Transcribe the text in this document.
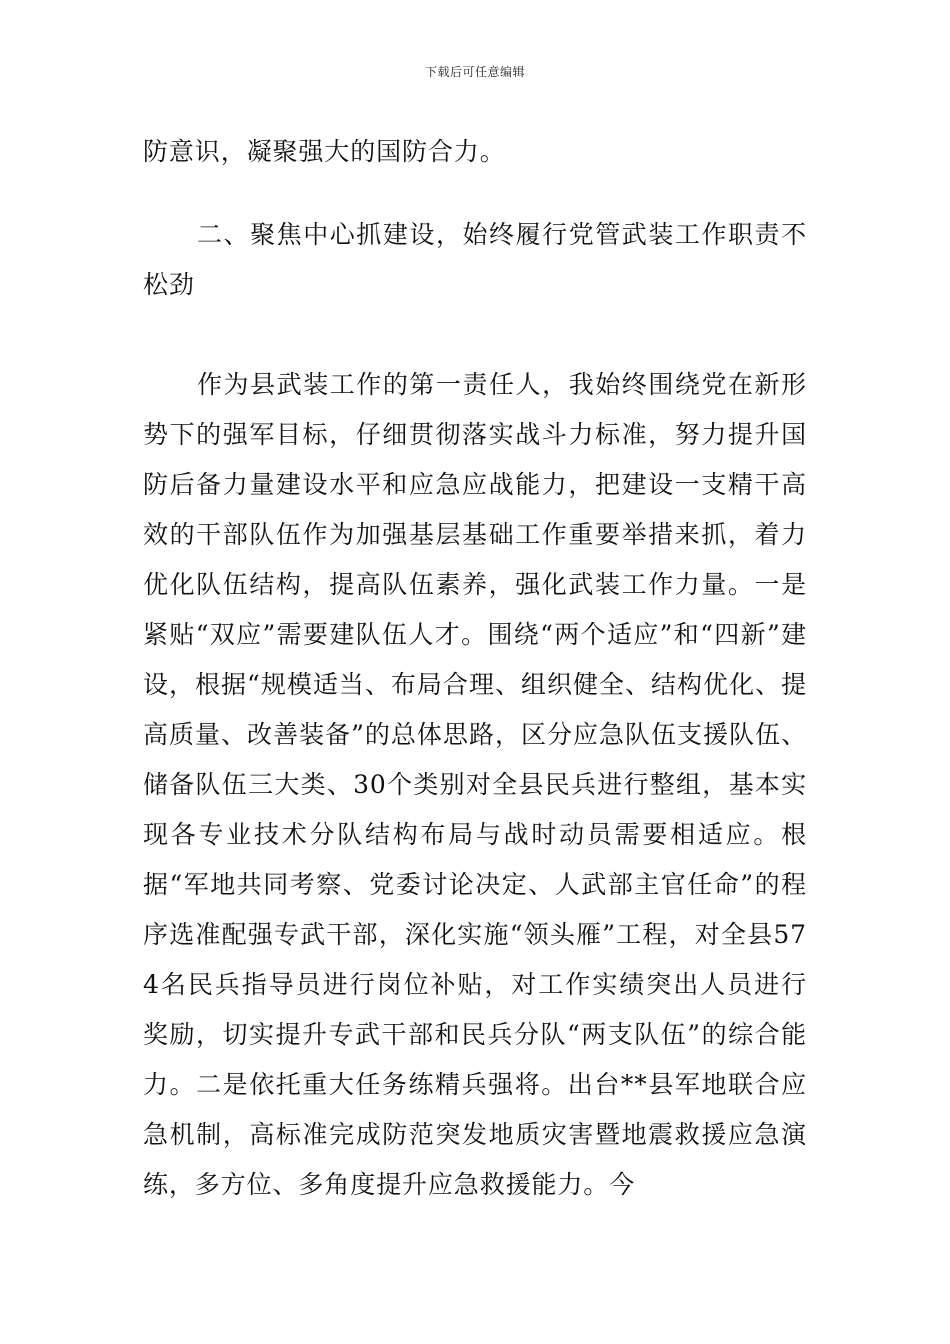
下载后可任意编辑

防意识，凝聚强大的国防合力。

二、聚焦中心抓建设，始终履行党管武装工作职责不松劲

作为县武装工作的第一责任人，我始终围绕党在新形势下的强军目标，仔细贯彻落实战斗力标准，努力提升国防后备力量建设水平和应急应战能力，把建设一支精干高效的干部队伍作为加强基层基础工作重要举措来抓，着力优化队伍结构，提高队伍素养，强化武装工作力量。一是紧贴“双应”需要建队伍人才。围绕“两个适应”和“四新”建设，根据“规模适当、布局合理、组织健全、结构优化、提高质量、改善装备”的总体思路，区分应急队伍支援队伍、储备队伍三大类、30个类别对全县民兵进行整组，基本实现各专业技术分队结构布局与战时动员需要相适应。根据“军地共同考察、党委讨论决定、人武部主官任命”的程序选准配强专武干部，深化实施“领头雁”工程，对全县574名民兵指导员进行岗位补贴，对工作实绩突出人员进行奖励，切实提升专武干部和民兵分队“两支队伍”的综合能力。二是依托重大任务练精兵强将。出台**县军地联合应急机制，高标准完成防范突发地质灾害暨地震救援应急演练，多方位、多角度提升应急救援能力。今
